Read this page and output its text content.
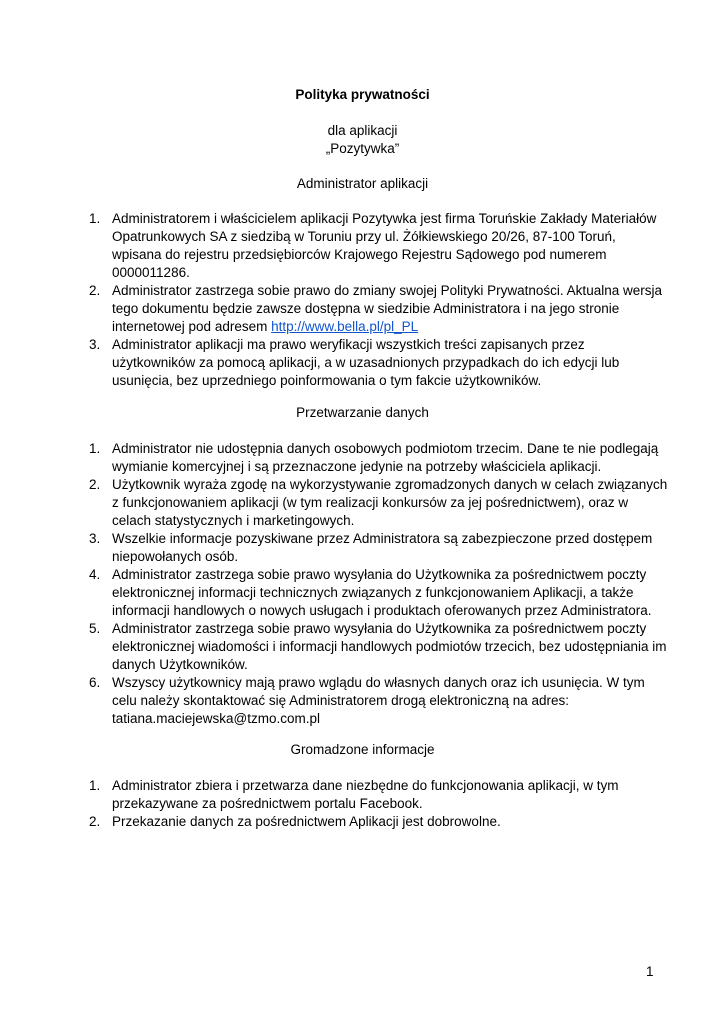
Polityka prywatności
dla aplikacji
„Pozytywka”
Administrator aplikacji
1. Administratorem i właścicielem aplikacji Pozytywka jest firma Toruńskie Zakłady Materiałów Opatrunkowych SA z siedzibą w Toruniu przy ul. Żółkiewskiego 20/26, 87-100 Toruń, wpisana do rejestru przedsiębiorców Krajowego Rejestru Sądowego pod numerem 0000011286.
2. Administrator zastrzega sobie prawo do zmiany swojej Polityki Prywatności. Aktualna wersja tego dokumentu będzie zawsze dostępna w siedzibie Administratora i na jego stronie internetowej pod adresem http://www.bella.pl/pl_PL
3. Administrator aplikacji ma prawo weryfikacji wszystkich treści zapisanych przez użytkowników za pomocą aplikacji, a w uzasadnionych przypadkach do ich edycji lub usunięcia, bez uprzedniego poinformowania o tym fakcie użytkowników.
Przetwarzanie danych
1. Administrator nie udostępnia danych osobowych podmiotom trzecim. Dane te nie podlegają wymianie komercyjnej i są przeznaczone jedynie na potrzeby właściciela aplikacji.
2. Użytkownik wyraża zgodę na wykorzystywanie zgromadzonych danych w celach związanych z funkcjonowaniem aplikacji (w tym realizacji konkursów za jej pośrednictwem), oraz w celach statystycznych i marketingowych.
3. Wszelkie informacje pozyskiwane przez Administratora są zabezpieczone przed dostępem niepowołanych osób.
4. Administrator zastrzega sobie prawo wysyłania do Użytkownika za pośrednictwem poczty elektronicznej informacji technicznych związanych z funkcjonowaniem Aplikacji, a także informacji handlowych o nowych usługach i produktach oferowanych przez Administratora.
5. Administrator zastrzega sobie prawo wysyłania do Użytkownika za pośrednictwem poczty elektronicznej wiadomości i informacji handlowych podmiotów trzecich, bez udostępniania im danych Użytkowników.
6. Wszyscy użytkownicy mają prawo wglądu do własnych danych oraz ich usunięcia. W tym celu należy skontaktować się Administratorem drogą elektroniczną na adres: tatiana.maciejewska@tzmo.com.pl
Gromadzone informacje
1. Administrator zbiera i przetwarza dane niezbędne do funkcjonowania aplikacji, w tym przekazywane za pośrednictwem portalu Facebook.
2. Przekazanie danych za pośrednictwem Aplikacji jest dobrowolne.
1
